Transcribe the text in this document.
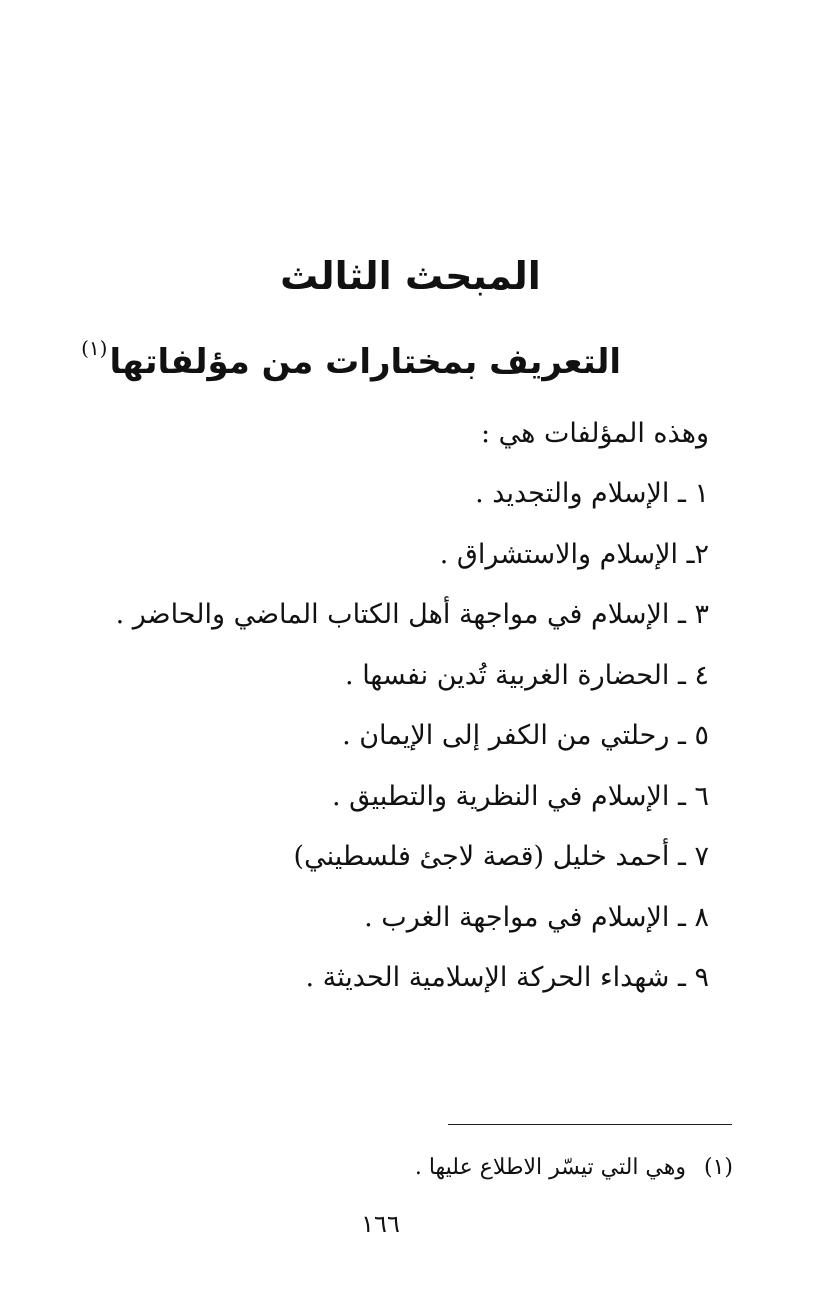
المبحث الثالث
التعريف بمختارات من مؤلفاتها$^{(١)}$
وهذه المؤلفات هي :
١ ـ الإسلام والتجديد .
٢ـ الإسلام والاستشراق .
٣ ـ الإسلام في مواجهة أهل الكتاب الماضي والحاضر .
٤ ـ الحضارة الغربية تُدين نفسها .
٥ ـ رحلتي من الكفر إلى الإيمان .
٦ ـ الإسلام في النظرية والتطبيق .
٧ ـ أحمد خليل (قصة لاجئ فلسطيني)
٨ ـ الإسلام في مواجهة الغرب .
٩ ـ شهداء الحركة الإسلامية الحديثة .
(١)وهي التي تيسّر الاطلاع عليها .
١٦٦
